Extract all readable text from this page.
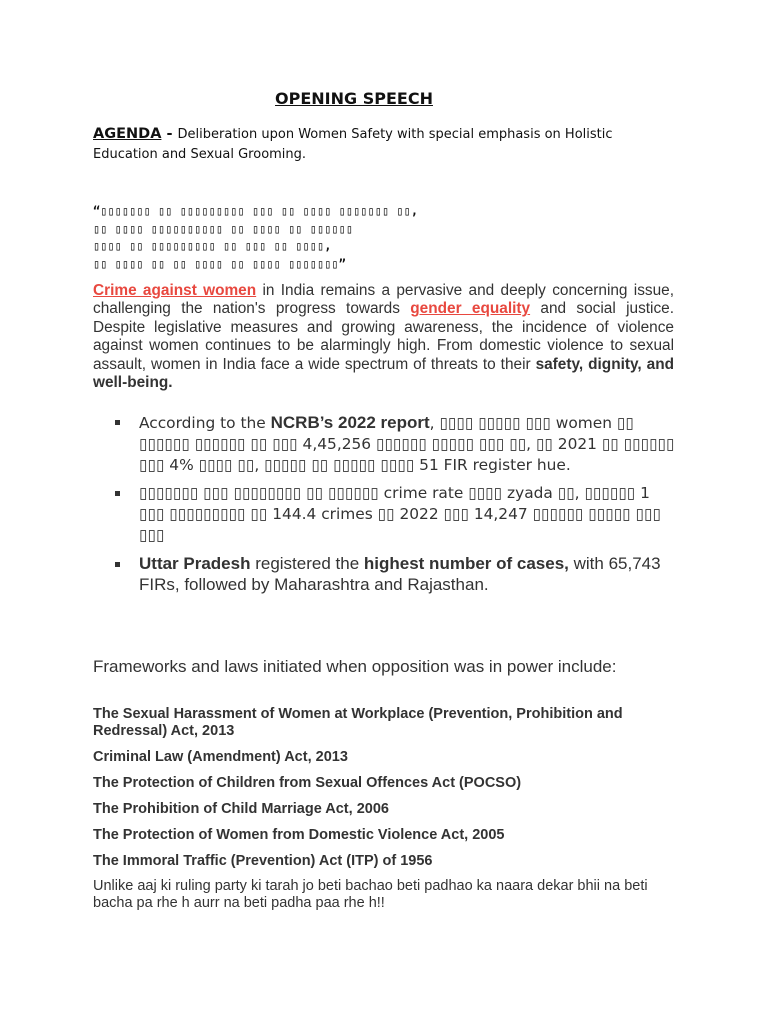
OPENING SPEECH
AGENDA - Deliberation upon Women Safety with special emphasis on Holistic Education and Sexual Grooming.
“▯▯▯▯▯▯▯ ▯▯ ▯▯▯▯▯▯▯▯▯ ▯▯▯ ▯▯ ▯▯▯▯ ▯▯▯▯▯▯▯ ▯▯,
▯▯ ▯▯▯▯ ▯▯▯▯▯▯▯▯▯▯ ▯▯ ▯▯▯▯ ▯▯ ▯▯▯▯▯▯
▯▯▯▯ ▯▯ ▯▯▯▯▯▯▯▯▯ ▯▯ ▯▯▯ ▯▯ ▯▯▯▯,
▯▯ ▯▯▯▯ ▯▯ ▯▯ ▯▯▯▯ ▯▯ ▯▯▯▯ ▯▯▯▯▯▯▯”
Crime against women in India remains a pervasive and deeply concerning issue, challenging the nation's progress towards gender equality and social justice. Despite legislative measures and growing awareness, the incidence of violence against women continues to be alarmingly high. From domestic violence to sexual assault, women in India face a wide spectrum of threats to their safety, dignity, and well-being.
According to the NCRB’s 2022 report, ▯▯▯▯ ▯▯▯▯▯ ▯▯▯ women ▯▯ ▯▯▯▯▯▯ ▯▯▯▯▯▯ ▯▯ ▯▯▯ 4,45,256 ▯▯▯▯▯▯ ▯▯▯▯▯ ▯▯▯ ▯▯, ▯▯ 2021 ▯▯ ▯▯▯▯▯▯ ▯▯▯ 4% ▯▯▯▯ ▯▯, ▯▯▯▯▯ ▯▯ ▯▯▯▯▯ ▯▯▯▯ 51 FIR register hue.
▯▯▯▯▯▯▯ ▯▯▯ ▯▯▯▯▯▯▯▯ ▯▯ ▯▯▯▯▯▯ crime rate ▯▯▯▯ zyada ▯▯, ▯▯▯▯▯▯ 1 ▯▯▯ ▯▯▯▯▯▯▯▯▯ ▯▯ 144.4 crimes ▯▯ 2022 ▯▯▯ 14,247 ▯▯▯▯▯▯ ▯▯▯▯▯ ▯▯▯ ▯▯▯
Uttar Pradesh registered the highest number of cases, with 65,743 FIRs, followed by Maharashtra and Rajasthan.
Frameworks and laws initiated when opposition was in power include:
The Sexual Harassment of Women at Workplace (Prevention, Prohibition and Redressal) Act, 2013
Criminal Law (Amendment) Act, 2013
The Protection of Children from Sexual Offences Act (POCSO)
The Prohibition of Child Marriage Act, 2006
The Protection of Women from Domestic Violence Act, 2005
The Immoral Traffic (Prevention) Act (ITP) of 1956
Unlike aaj ki ruling party ki tarah jo beti bachao beti padhao ka naara dekar bhii na beti bacha pa rhe h aurr na beti padha paa rhe h!!
